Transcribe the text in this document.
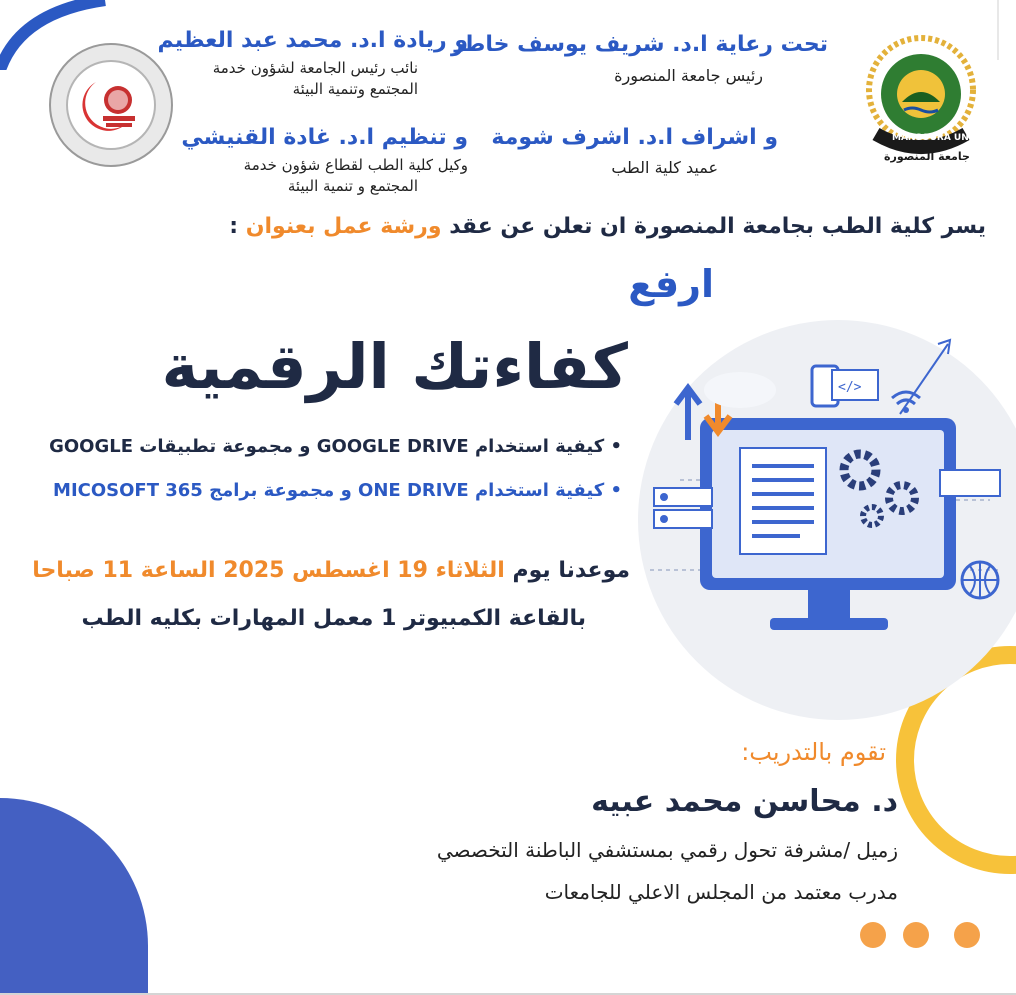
MANSOURA UNIVERSITY
جامعة المنصورة
تحت رعاية ا.د. شريف يوسف خاطر
رئيس جامعة المنصورة
و ريادة ا.د. محمد عبد العظيم
نائب رئيس الجامعة لشؤون خدمة
المجتمع وتنمية البيئة
و اشراف ا.د. اشرف شومة
عميد كلية الطب
و تنظيم ا.د. غادة القنيشي
وكيل كلية الطب لقطاع شؤون خدمة
المجتمع و تنمية البيئة
يسر كلية الطب بجامعة المنصورة ان تعلن عن عقد ورشة عمل بعنوان :
</>
ارفع
كفاءتك الرقمية
• كيفية استخدام GOOGLE DRIVE و مجموعة تطبيقات GOOGLE
• كيفية استخدام ONE DRIVE و مجموعة برامج MICOSOFT 365
موعدنا يوم الثلاثاء 19 اغسطس 2025 الساعة 11 صباحا
بالقاعة الكمبيوتر 1 معمل المهارات بكليه الطب
تقوم بالتدريب:
د. محاسن محمد عبيه
زميل /مشرفة تحول رقمي بمستشفي الباطنة التخصصي
مدرب معتمد من المجلس الاعلي للجامعات
